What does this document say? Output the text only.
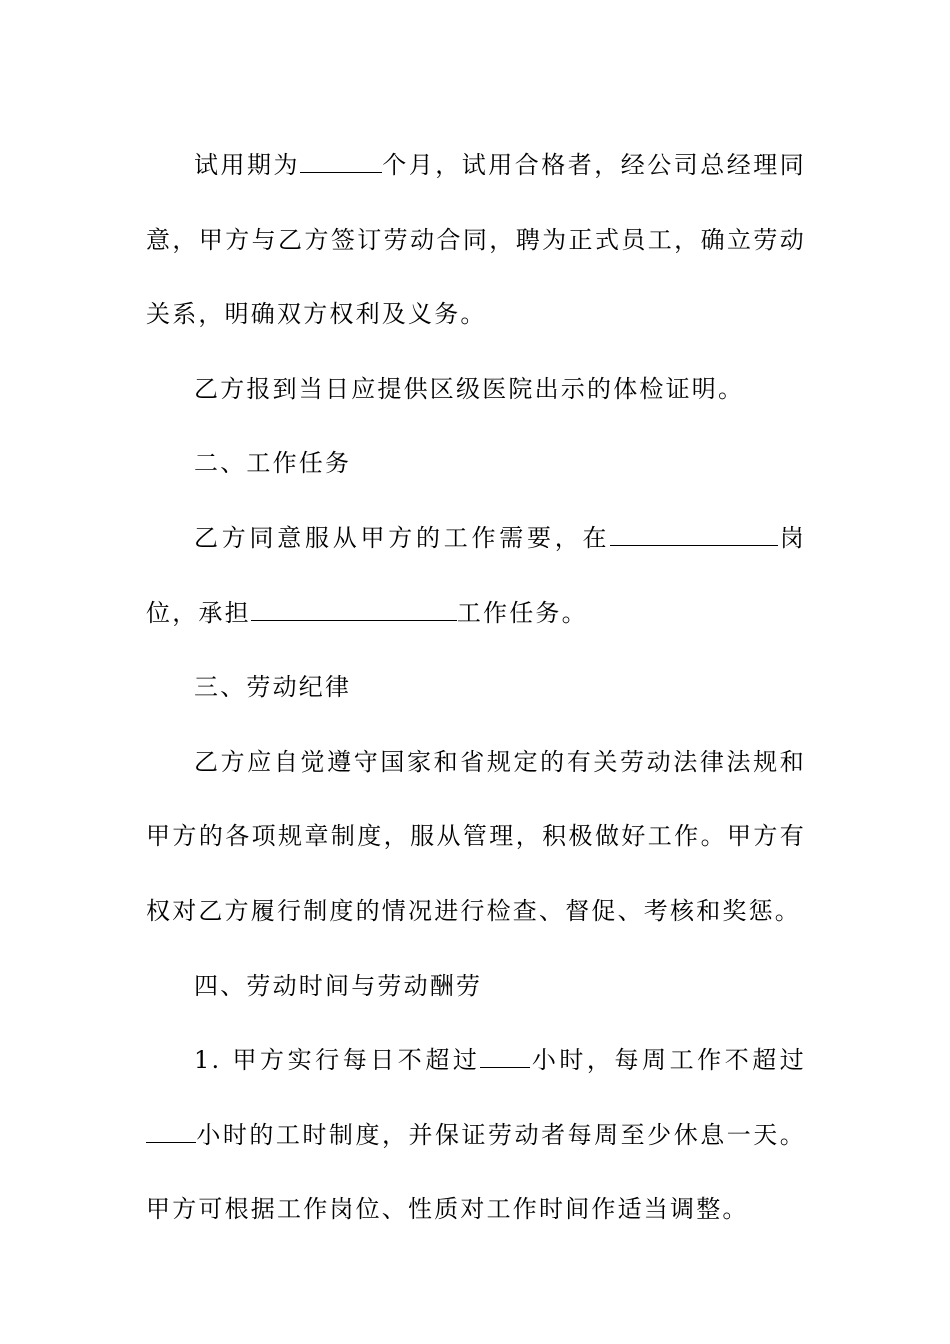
试用期为	个月，试用合格者，经公司总经理同意，甲方与乙方签订劳动合同，聘为正式员工，确立劳动关系，明确双方权利及义务。

乙方报到当日应提供区级医院出示的体检证明。

二、工作任务

乙方同意服从甲方的工作需要，在	岗位，承担	工作任务。

三、劳动纪律

乙方应自觉遵守国家和省规定的有关劳动法律法规和甲方的各项规章制度，服从管理，积极做好工作。甲方有权对乙方履行制度的情况进行检查、督促、考核和奖惩。

四、劳动时间与劳动酬劳

1. 甲方实行每日不超过 小时，每周工作不超过小时的工时制度，并保证劳动者每周至少休息一天。甲方可根据工作岗位、性质对工作时间作适当调整。
